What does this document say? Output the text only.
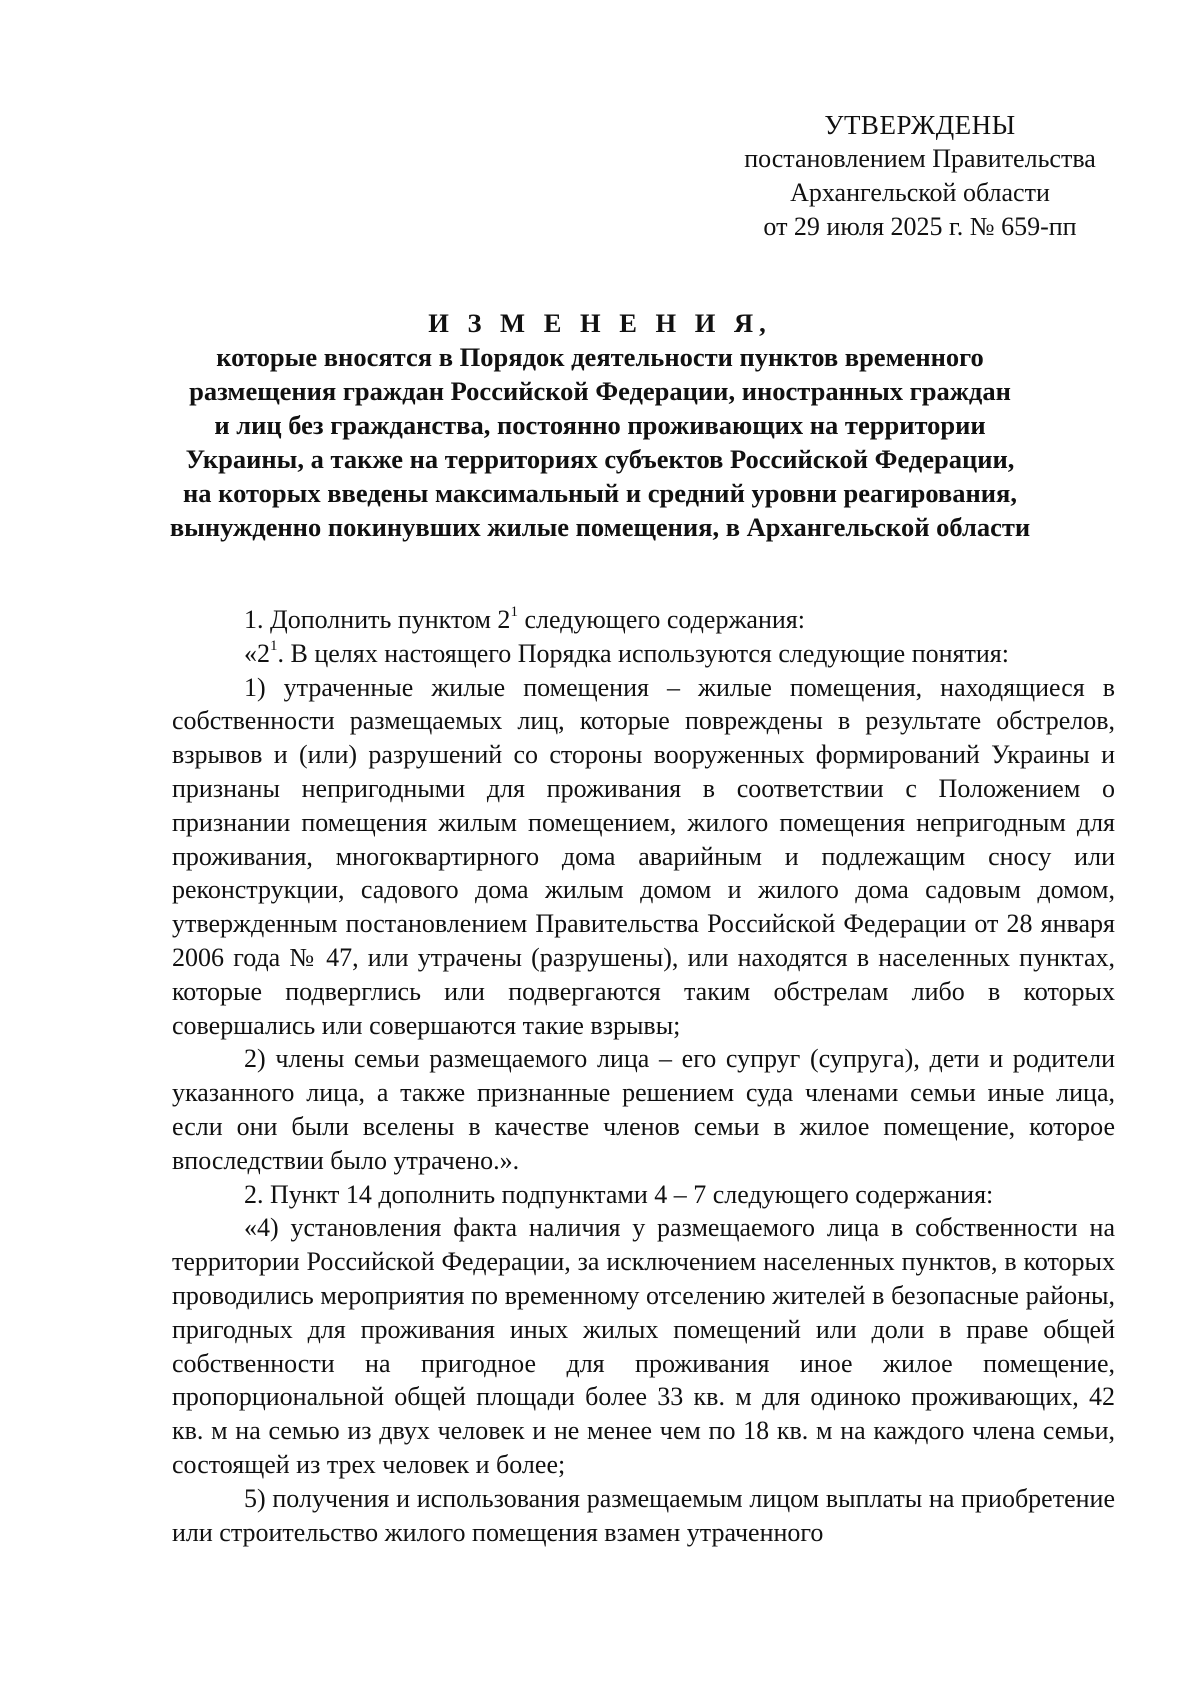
УТВЕРЖДЕНЫ
постановлением Правительства
Архангельской области
от 29 июля 2025 г. № 659-пп
И З М Е Н Е Н И Я,
которые вносятся в Порядок деятельности пунктов временного
размещения граждан Российской Федерации, иностранных граждан
и лиц без гражданства, постоянно проживающих на территории
Украины, а также на территориях субъектов Российской Федерации,
на которых введены максимальный и средний уровни реагирования,
вынужденно покинувших жилые помещения, в Архангельской области

1. Дополнить пунктом $2^1$ следующего содержания:

«$2^1$. В целях настоящего Порядка используются следующие понятия:

1) утраченные жилые помещения – жилые помещения, находящиеся в собственности размещаемых лиц, которые повреждены в результате обстрелов, взрывов и (или) разрушений со стороны вооруженных формирований Украины и признаны непригодными для проживания в соответствии с Положением о признании помещения жилым помещением, жилого помещения непригодным для проживания, многоквартирного дома аварийным и подлежащим сносу или реконструкции, садового дома жилым домом и жилого дома садовым домом, утвержденным постановлением Правительства Российской Федерации от 28 января 2006 года № 47, или утрачены (разрушены), или находятся в населенных пунктах, которые подверглись или подвергаются таким обстрелам либо в которых совершались или совершаются такие взрывы;

2) члены семьи размещаемого лица – его супруг (супруга), дети и родители указанного лица, а также признанные решением суда членами семьи иные лица, если они были вселены в качестве членов семьи в жилое помещение, которое впоследствии было утрачено.».

2. Пункт 14 дополнить подпунктами 4 – 7 следующего содержания:

«4) установления факта наличия у размещаемого лица в собственности на территории Российской Федерации, за исключением населенных пунктов, в которых проводились мероприятия по временному отселению жителей в безопасные районы, пригодных для проживания иных жилых помещений или доли в праве общей собственности на пригодное для проживания иное жилое помещение, пропорциональной общей площади более 33 кв. м для одиноко проживающих, 42 кв. м на семью из двух человек и не менее чем по 18 кв. м на каждого члена семьи, состоящей из трех человек и более;

5) получения и использования размещаемым лицом выплаты на приобретение или строительство жилого помещения взамен утраченного
